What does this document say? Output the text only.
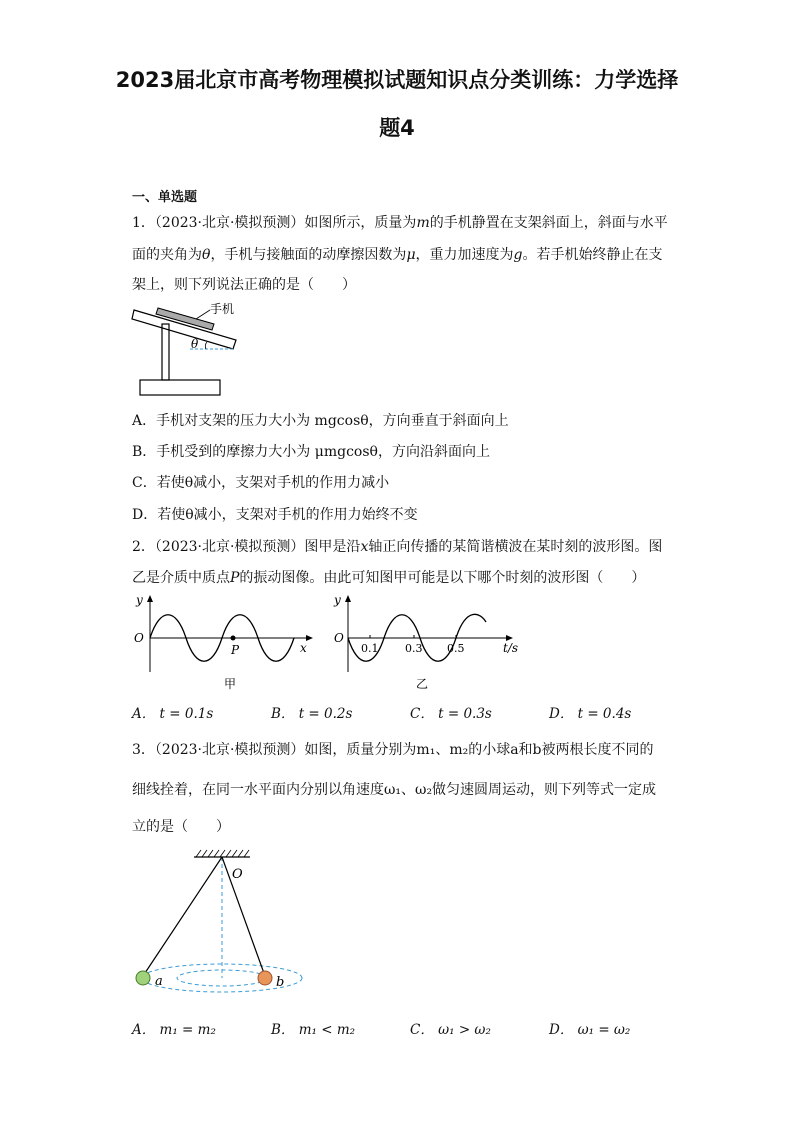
2023届北京市高考物理模拟试题知识点分类训练：力学选择
题4
一、单选题
1．（2023·北京·模拟预测）如图所示，质量为m的手机静置在支架斜面上，斜面与水平
面的夹角为θ，手机与接触面的动摩擦因数为μ，重力加速度为g。若手机始终静止在支
架上，则下列说法正确的是（　　）
手机
θ
A．手机对支架的压力大小为 mgcosθ，方向垂直于斜面向上
B．手机受到的摩擦力大小为 μmgcosθ，方向沿斜面向上
C．若使θ减小，支架对手机的作用力减小
D．若使θ减小，支架对手机的作用力始终不变
2．（2023·北京·模拟预测）图甲是沿x轴正向传播的某简谐横波在某时刻的波形图。图
乙是介质中质点P的振动图像。由此可知图甲可能是以下哪个时刻的波形图（　　）
y
O
P	x
甲
y
O
0.1 0.3 0.5	t/s
乙
A． t = 0.1s	B． t = 0.2s	C． t = 0.3s	D． t = 0.4s
3．（2023·北京·模拟预测）如图，质量分别为m₁、m₂的小球a和b被两根长度不同的
细线拴着，在同一水平面内分别以角速度ω₁、ω₂做匀速圆周运动，则下列等式一定成
立的是（　　）
O
a	b
A． m₁ = m₂	B． m₁ < m₂	C． ω₁ > ω₂	D． ω₁ = ω₂
